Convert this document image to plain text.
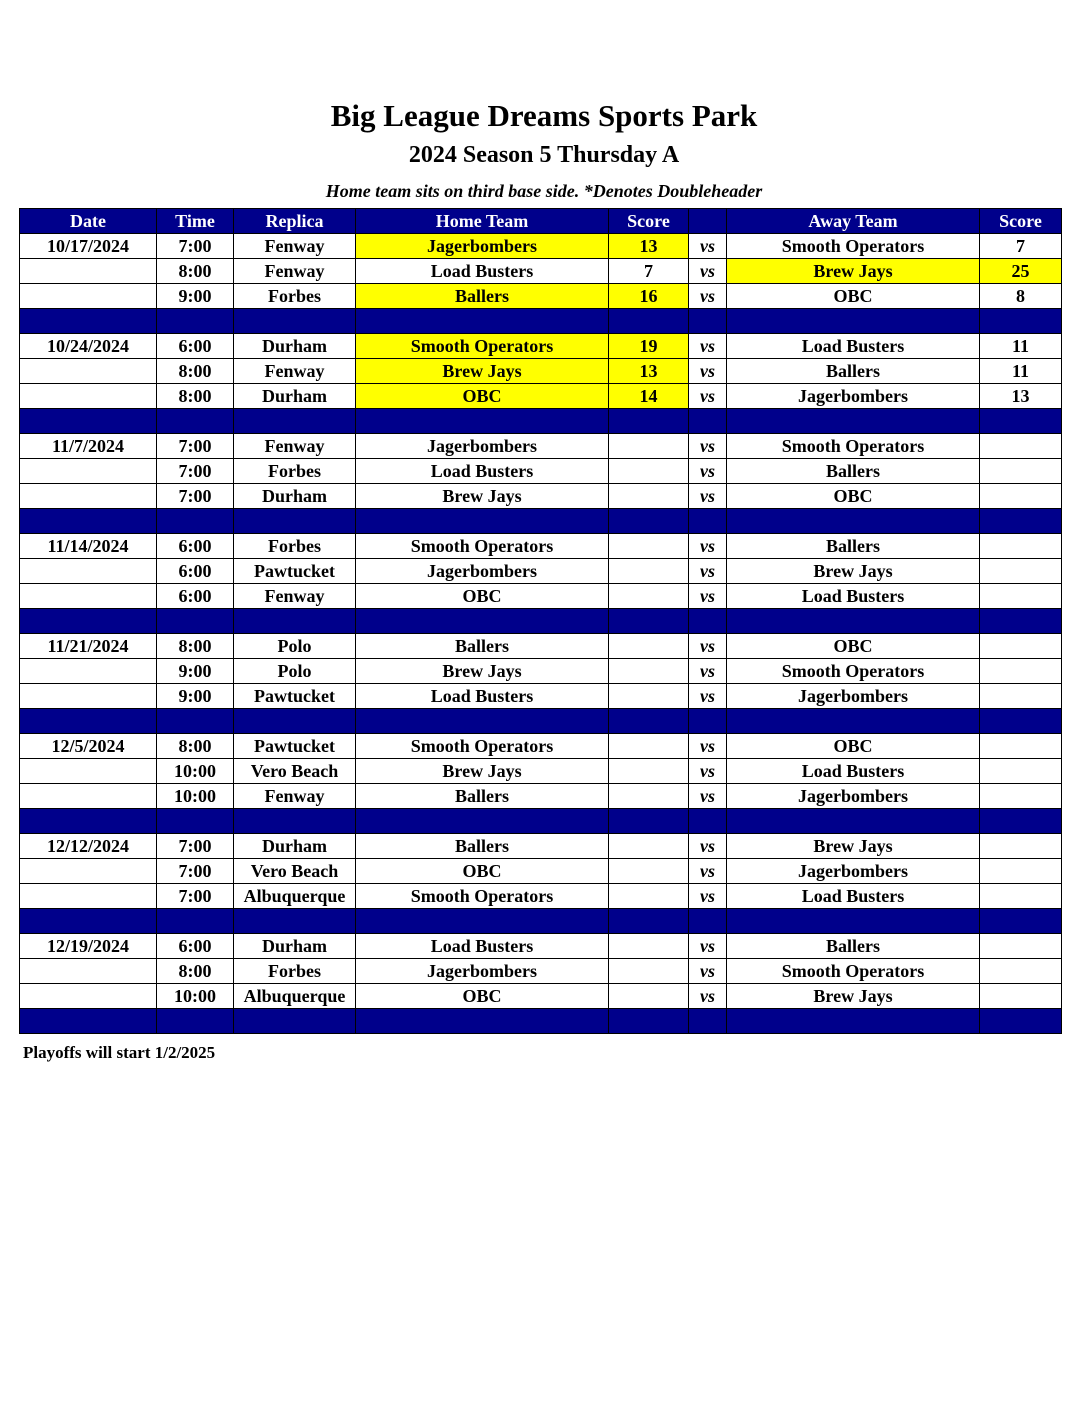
Big League Dreams Sports Park
2024 Season 5 Thursday A
Home team sits on third base side. *Denotes Doubleheader
Date	Time	Replica	Home Team	Score		Away Team	Score
10/17/2024	7:00	Fenway	Jagerbombers	13	vs	Smooth Operators	7
	8:00	Fenway	Load Busters	7	vs	Brew Jays	25
	9:00	Forbes	Ballers	16	vs	OBC	8

10/24/2024	6:00	Durham	Smooth Operators	19	vs	Load Busters	11
	8:00	Fenway	Brew Jays	13	vs	Ballers	11
	8:00	Durham	OBC	14	vs	Jagerbombers	13

11/7/2024	7:00	Fenway	Jagerbombers		vs	Smooth Operators	
	7:00	Forbes	Load Busters		vs	Ballers	
	7:00	Durham	Brew Jays		vs	OBC	

11/14/2024	6:00	Forbes	Smooth Operators		vs	Ballers	
	6:00	Pawtucket	Jagerbombers		vs	Brew Jays	
	6:00	Fenway	OBC		vs	Load Busters	

11/21/2024	8:00	Polo	Ballers		vs	OBC	
	9:00	Polo	Brew Jays		vs	Smooth Operators	
	9:00	Pawtucket	Load Busters		vs	Jagerbombers	

12/5/2024	8:00	Pawtucket	Smooth Operators		vs	OBC	
	10:00	Vero Beach	Brew Jays		vs	Load Busters	
	10:00	Fenway	Ballers		vs	Jagerbombers	

12/12/2024	7:00	Durham	Ballers		vs	Brew Jays	
	7:00	Vero Beach	OBC		vs	Jagerbombers	
	7:00	Albuquerque	Smooth Operators		vs	Load Busters	

12/19/2024	6:00	Durham	Load Busters		vs	Ballers	
	8:00	Forbes	Jagerbombers		vs	Smooth Operators	
	10:00	Albuquerque	OBC		vs	Brew Jays	

Playoffs will start 1/2/2025
